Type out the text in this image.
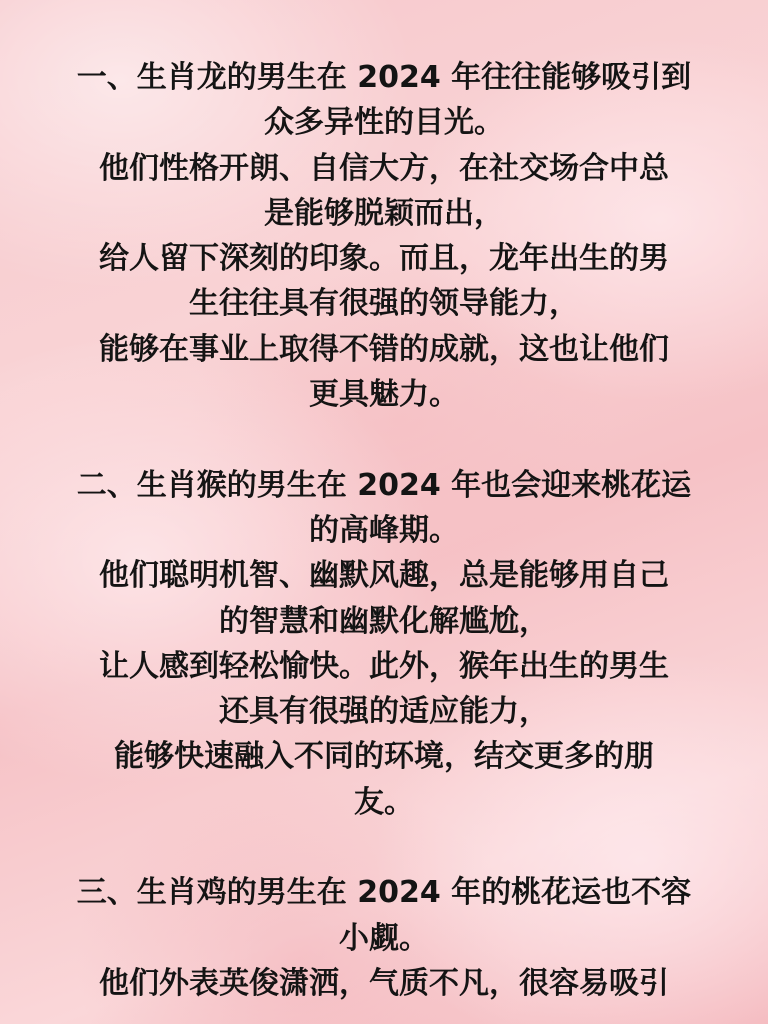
一、生肖龙的男生在 2024 年往往能够吸引到
众多异性的目光。
他们性格开朗、自信大方，在社交场合中总
是能够脱颖而出，
给人留下深刻的印象。而且，龙年出生的男
生往往具有很强的领导能力，
能够在事业上取得不错的成就，这也让他们
更具魅力。
二、生肖猴的男生在 2024 年也会迎来桃花运
的高峰期。
他们聪明机智、幽默风趣，总是能够用自己
的智慧和幽默化解尴尬，
让人感到轻松愉快。此外，猴年出生的男生
还具有很强的适应能力，
能够快速融入不同的环境，结交更多的朋
友。
三、生肖鸡的男生在 2024 年的桃花运也不容
小觑。
他们外表英俊潇洒，气质不凡，很容易吸引
